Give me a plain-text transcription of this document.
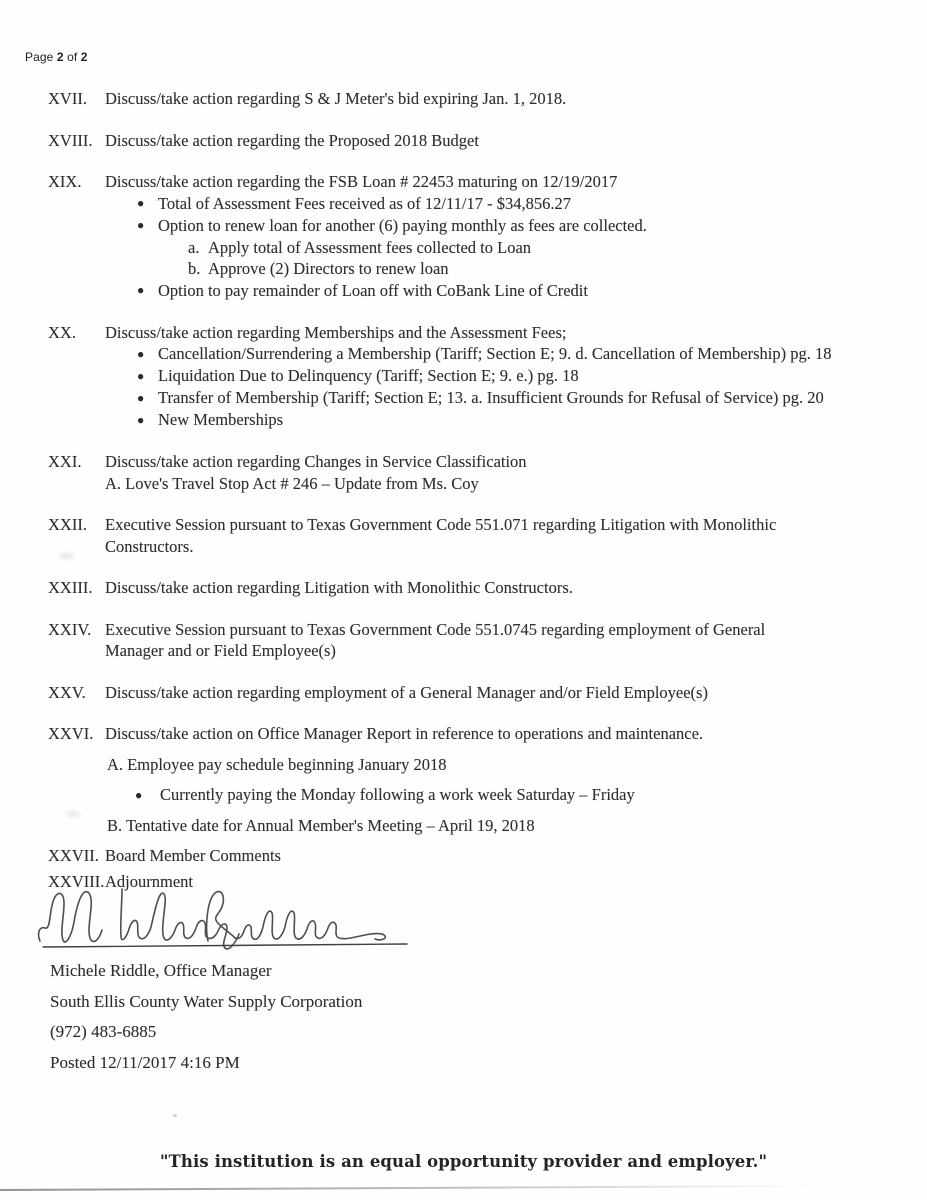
Page 2 of 2
XVII.	Discuss/take action regarding S & J Meter's bid expiring Jan. 1, 2018.
XVIII. Discuss/take action regarding the Proposed 2018 Budget
XIX.	Discuss/take action regarding the FSB Loan # 22453 maturing on 12/19/2017
● Total of Assessment Fees received as of 12/11/17 - $34,856.27
● Option to renew loan for another (6) paying monthly as fees are collected.
a. Apply total of Assessment fees collected to Loan
b. Approve (2) Directors to renew loan
● Option to pay remainder of Loan off with CoBank Line of Credit
XX.	Discuss/take action regarding Memberships and the Assessment Fees;
● Cancellation/Surrendering a Membership (Tariff; Section E; 9. d. Cancellation of Membership) pg. 18
● Liquidation Due to Delinquency (Tariff; Section E; 9. e.) pg. 18
● Transfer of Membership (Tariff; Section E; 13. a. Insufficient Grounds for Refusal of Service) pg. 20
● New Memberships
XXI.	Discuss/take action regarding Changes in Service Classification
A. Love's Travel Stop Act # 246 – Update from Ms. Coy
XXII.	Executive Session pursuant to Texas Government Code 551.071 regarding Litigation with Monolithic
Constructors.
XXIII. Discuss/take action regarding Litigation with Monolithic Constructors.
XXIV. Executive Session pursuant to Texas Government Code 551.0745 regarding employment of General
Manager and or Field Employee(s)
XXV.	Discuss/take action regarding employment of a General Manager and/or Field Employee(s)
XXVI. Discuss/take action on Office Manager Report in reference to operations and maintenance.
A. Employee pay schedule beginning January 2018
● Currently paying the Monday following a work week Saturday – Friday
B. Tentative date for Annual Member's Meeting – April 19, 2018
XXVII. Board Member Comments
XXVIII. Adjournment
Michele Riddle, Office Manager
South Ellis County Water Supply Corporation
(972) 483-6885
Posted 12/11/2017 4:16 PM
"This institution is an equal opportunity provider and employer."
